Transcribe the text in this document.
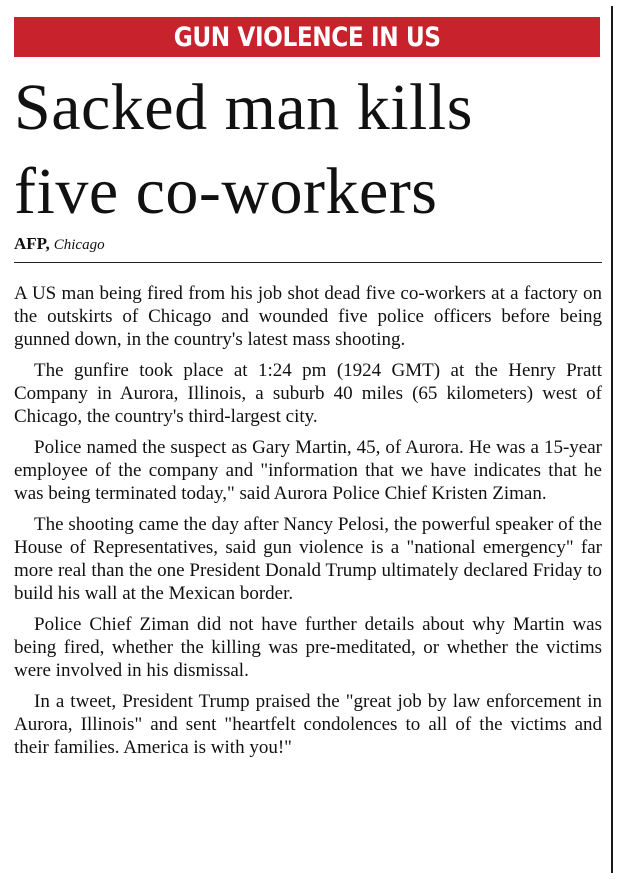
GUN VIOLENCE IN US
Sacked man kills
five co-workers
AFP, Chicago

A US man being fired from his job shot dead five co-workers at a factory on the outskirts of Chicago and wounded five police officers before being gunned down, in the country's latest mass shooting.

The gunfire took place at 1:24 pm (1924 GMT) at the Henry Pratt Company in Aurora, Illinois, a suburb 40 miles (65 kilometers) west of Chicago, the country's third-largest city.

Police named the suspect as Gary Martin, 45, of Aurora. He was a 15-year employee of the company and "information that we have indicates that he was being terminated today," said Aurora Police Chief Kristen Ziman.

The shooting came the day after Nancy Pelosi, the powerful speaker of the House of Representatives, said gun violence is a "national emergency" far more real than the one President Donald Trump ultimately declared Friday to build his wall at the Mexican border.

Police Chief Ziman did not have further details about why Martin was being fired, whether the killing was pre-meditated, or whether the victims were involved in his dismissal.

In a tweet, President Trump praised the "great job by law enforcement in Aurora, Illinois" and sent "heartfelt condolences to all of the victims and their families. America is with you!"
